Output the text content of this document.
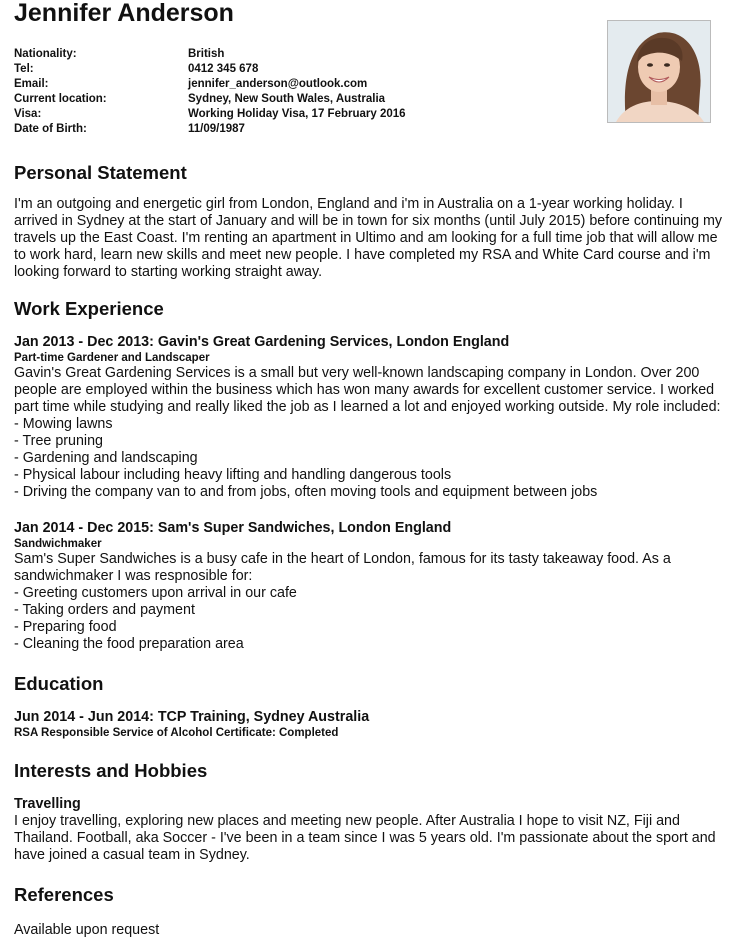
Jennifer Anderson
Nationality:	British
Tel:	0412 345 678
Email:	jennifer_anderson@outlook.com
Current location:	Sydney, New South Wales, Australia
Visa:	Working Holiday Visa, 17 February 2016
Date of Birth:	11/09/1987
Personal Statement

I'm an outgoing and energetic girl from London, England and i'm in Australia on a 1-year working holiday. I arrived in Sydney at the start of January and will be in town for six months (until July 2015) before continuing my travels up the East Coast. I'm renting an apartment in Ultimo and am looking for a full time job that will allow me to work hard, learn new skills and meet new people. I have completed my RSA and White Card course and i'm looking forward to starting working straight away.

Work Experience

Jan 2013 - Dec 2013: Gavin's Great Gardening Services, London England

Part-time Gardener and Landscaper

Gavin's Great Gardening Services is a small but very well-known landscaping company in London. Over 200 people are employed within the business which has won many awards for excellent customer service. I worked part time while studying and really liked the job as I learned a lot and enjoyed working outside. My role included:

- Mowing lawns

- Tree pruning

- Gardening and landscaping

- Physical labour including heavy lifting and handling dangerous tools

- Driving the company van to and from jobs, often moving tools and equipment between jobs

Jan 2014 - Dec 2015: Sam's Super Sandwiches, London England

Sandwichmaker

Sam's Super Sandwiches is a busy cafe in the heart of London, famous for its tasty takeaway food. As a sandwichmaker I was respnosible for:

- Greeting customers upon arrival in our cafe

- Taking orders and payment

- Preparing food

- Cleaning the food preparation area

Education

Jun 2014 - Jun 2014: TCP Training, Sydney Australia

RSA Responsible Service of Alcohol Certificate: Completed

Interests and Hobbies

Travelling

I enjoy travelling, exploring new places and meeting new people. After Australia I hope to visit NZ, Fiji and Thailand. Football, aka Soccer - I've been in a team since I was 5 years old. I'm passionate about the sport and have joined a casual team in Sydney.

References

Available upon request
